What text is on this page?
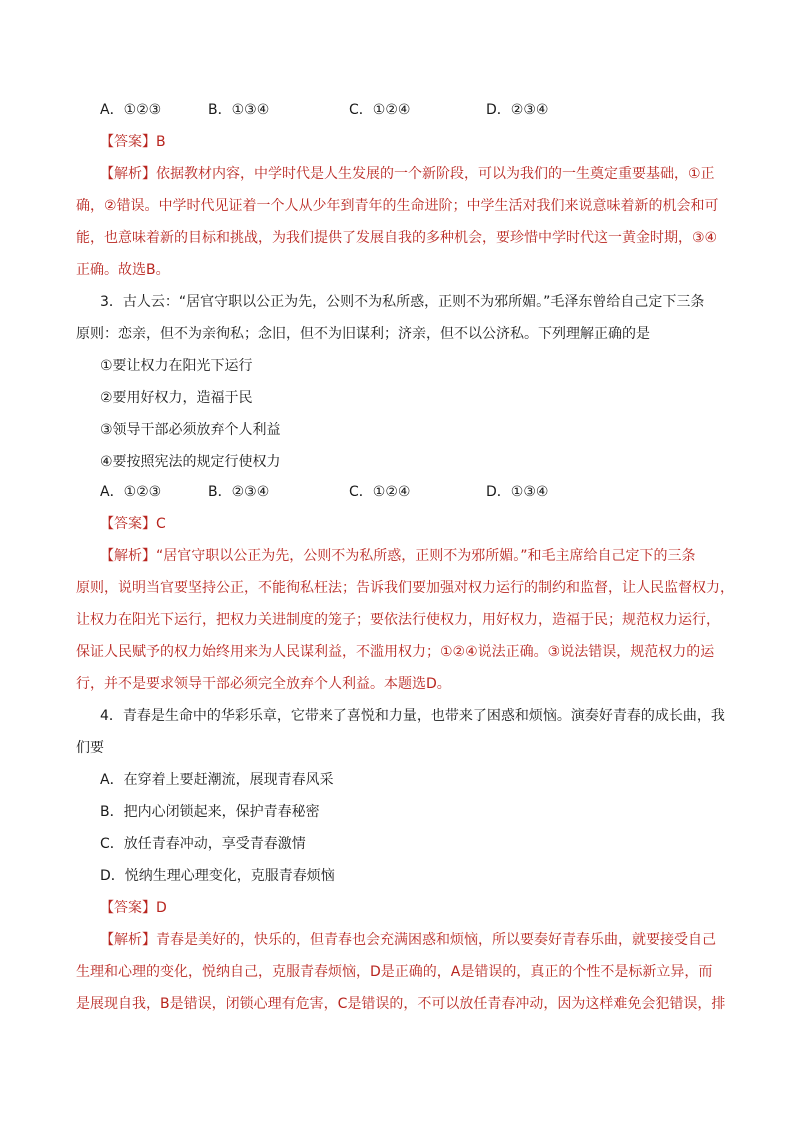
A．①②③	B．①③④	C．①②④	D．②③④
【答案】B
【解析】依据教材内容，中学时代是人生发展的一个新阶段，可以为我们的一生奠定重要基础，①正
确，②错误。中学时代见证着一个人从少年到青年的生命进阶；中学生活对我们来说意味着新的机会和可
能，也意味着新的目标和挑战，为我们提供了发展自我的多种机会，要珍惜中学时代这一黄金时期，③④
正确。故选B。
3．古人云：“居官守职以公正为先，公则不为私所惑，正则不为邪所媚。”毛泽东曾给自己定下三条
原则：恋亲，但不为亲徇私；念旧，但不为旧谋利；济亲，但不以公济私。下列理解正确的是
①要让权力在阳光下运行
②要用好权力，造福于民
③领导干部必须放弃个人利益
④要按照宪法的规定行使权力
A．①②③	B．②③④	C．①②④	D．①③④
【答案】C
【解析】“居官守职以公正为先，公则不为私所惑，正则不为邪所媚。”和毛主席给自己定下的三条
原则，说明当官要坚持公正，不能徇私枉法；告诉我们要加强对权力运行的制约和监督，让人民监督权力，
让权力在阳光下运行，把权力关进制度的笼子；要依法行使权力，用好权力，造福于民；规范权力运行，
保证人民赋予的权力始终用来为人民谋利益，不滥用权力；①②④说法正确。③说法错误，规范权力的运
行，并不是要求领导干部必须完全放弃个人利益。本题选D。
4．青春是生命中的华彩乐章，它带来了喜悦和力量，也带来了困惑和烦恼。演奏好青春的成长曲，我
们要
A．在穿着上要赶潮流，展现青春风采
B．把内心闭锁起来，保护青春秘密
C．放任青春冲动，享受青春激情
D．悦纳生理心理变化，克服青春烦恼
【答案】D
【解析】青春是美好的，快乐的，但青春也会充满困惑和烦恼，所以要奏好青春乐曲，就要接受自己
生理和心理的变化，悦纳自己，克服青春烦恼，D是正确的，A是错误的，真正的个性不是标新立异，而
是展现自我，B是错误，闭锁心理有危害，C是错误的，不可以放任青春冲动，因为这样难免会犯错误，排
